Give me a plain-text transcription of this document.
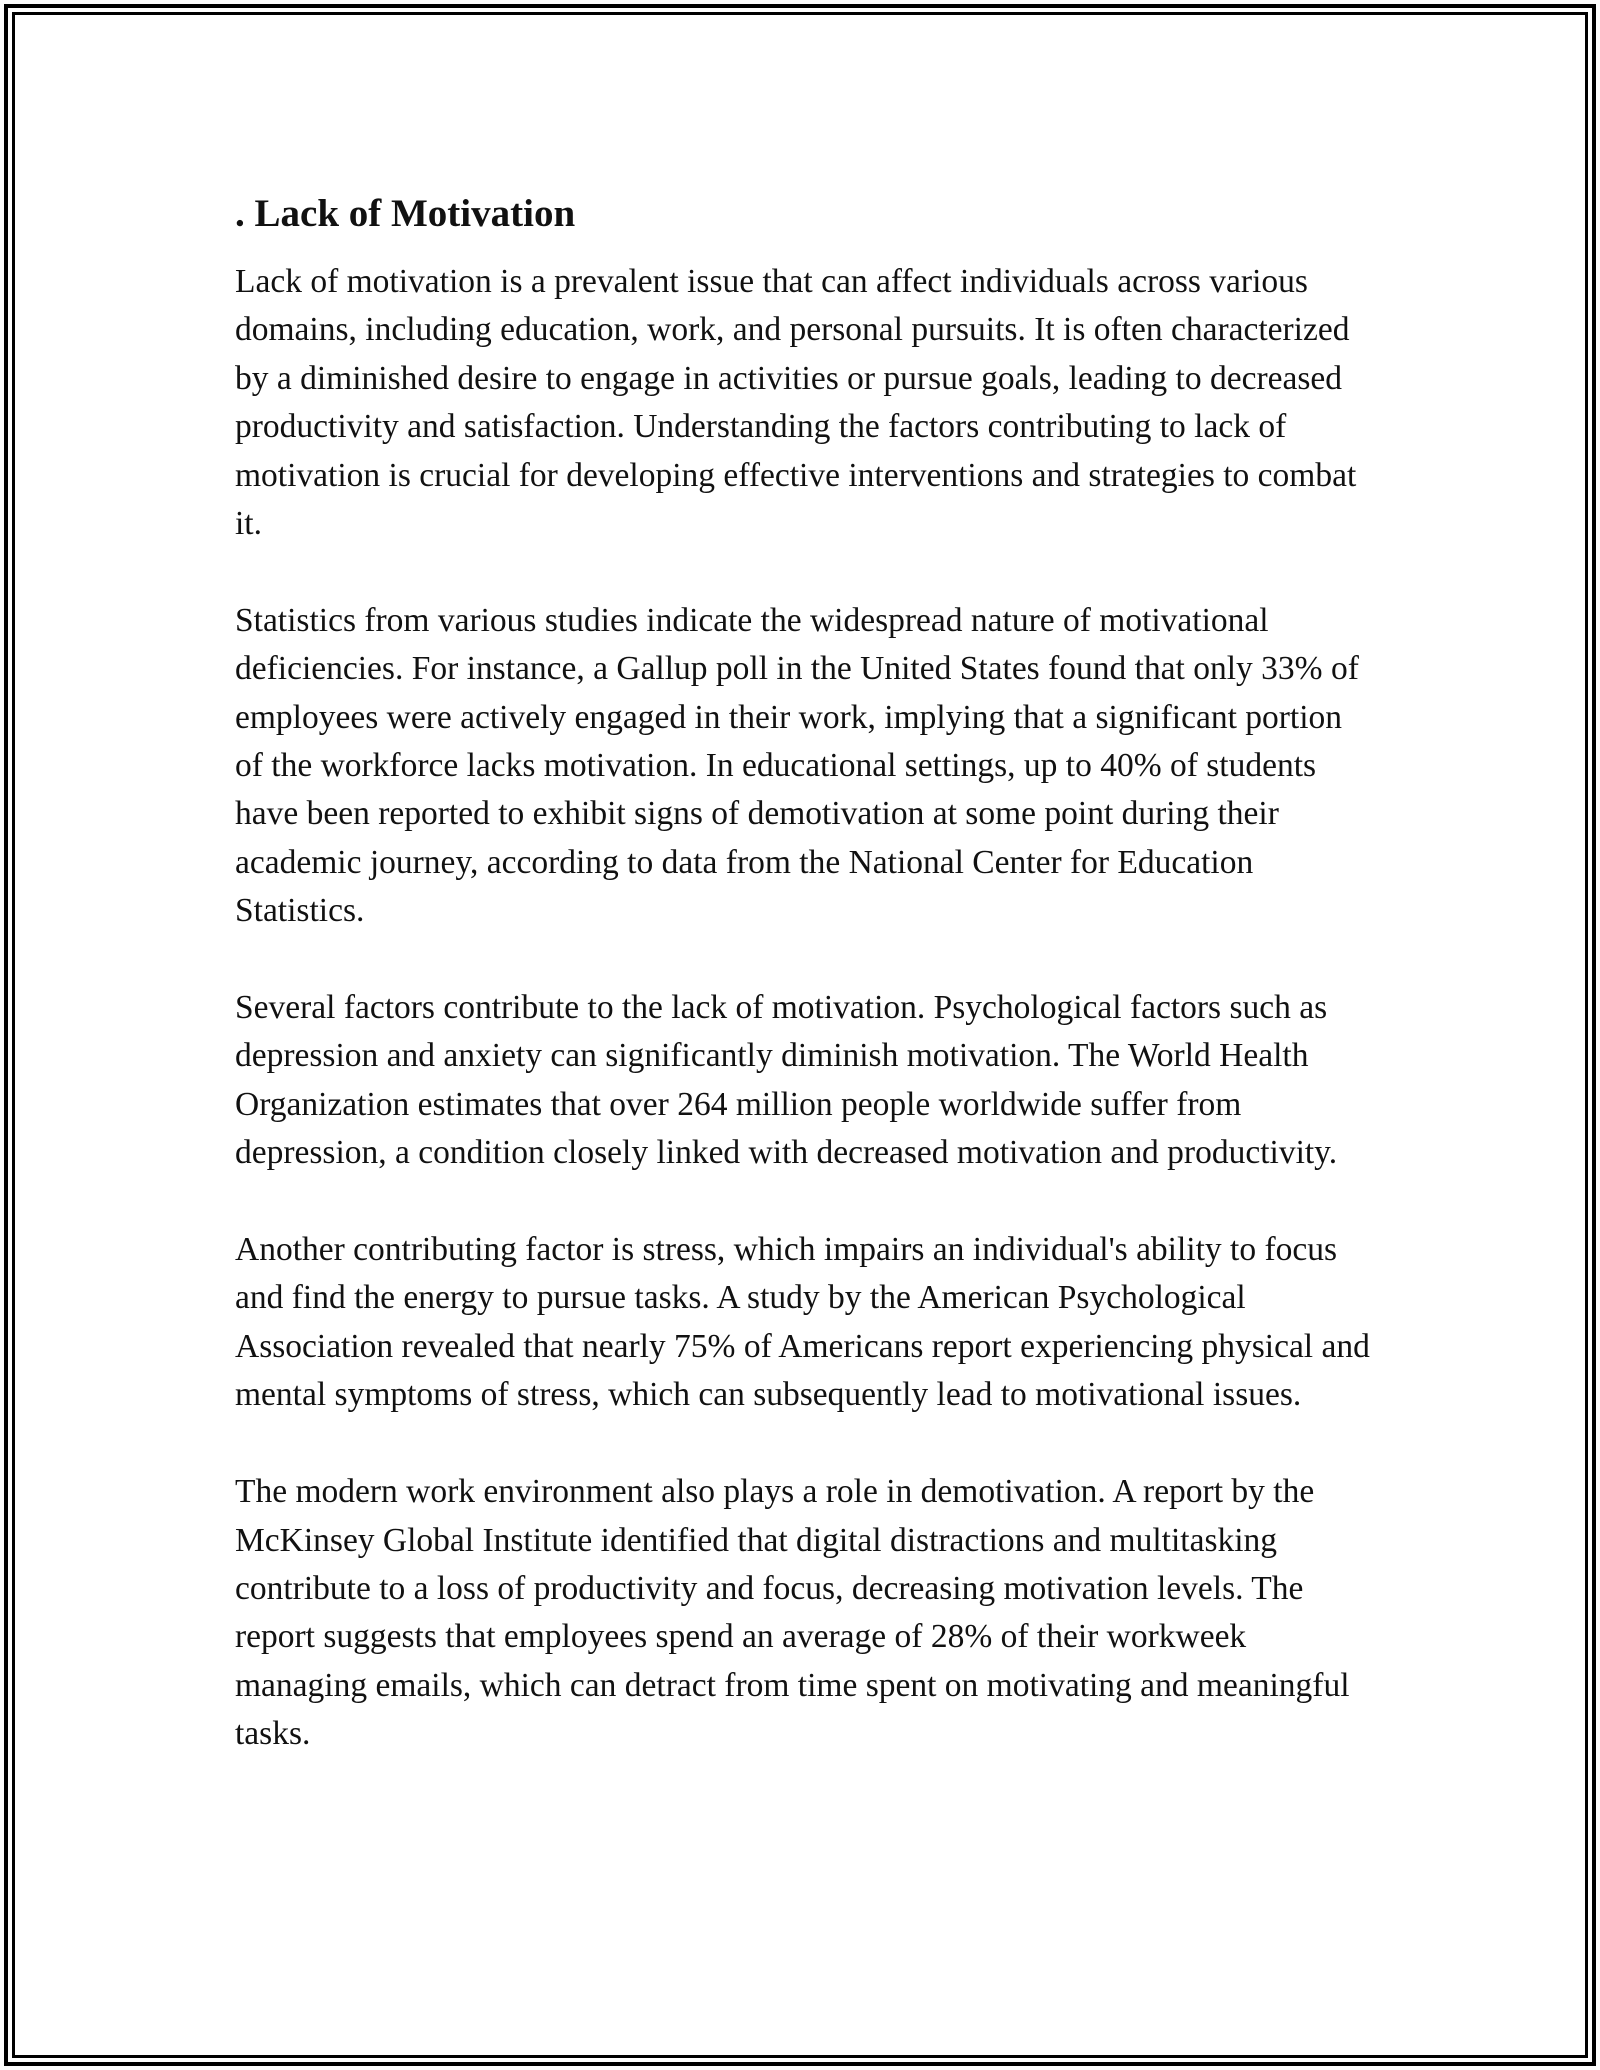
. Lack of Motivation

Lack of motivation is a prevalent issue that can affect individuals across various domains, including education, work, and personal pursuits. It is often characterized by a diminished desire to engage in activities or pursue goals, leading to decreased productivity and satisfaction. Understanding the factors contributing to lack of motivation is crucial for developing effective interventions and strategies to combat it.

Statistics from various studies indicate the widespread nature of motivational deficiencies. For instance, a Gallup poll in the United States found that only 33% of employees were actively engaged in their work, implying that a significant portion of the workforce lacks motivation. In educational settings, up to 40% of students have been reported to exhibit signs of demotivation at some point during their academic journey, according to data from the National Center for Education Statistics.

Several factors contribute to the lack of motivation. Psychological factors such as depression and anxiety can significantly diminish motivation. The World Health Organization estimates that over 264 million people worldwide suffer from depression, a condition closely linked with decreased motivation and productivity.

Another contributing factor is stress, which impairs an individual's ability to focus and find the energy to pursue tasks. A study by the American Psychological Association revealed that nearly 75% of Americans report experiencing physical and mental symptoms of stress, which can subsequently lead to motivational issues.

The modern work environment also plays a role in demotivation. A report by the McKinsey Global Institute identified that digital distractions and multitasking contribute to a loss of productivity and focus, decreasing motivation levels. The report suggests that employees spend an average of 28% of their workweek managing emails, which can detract from time spent on motivating and meaningful tasks.
